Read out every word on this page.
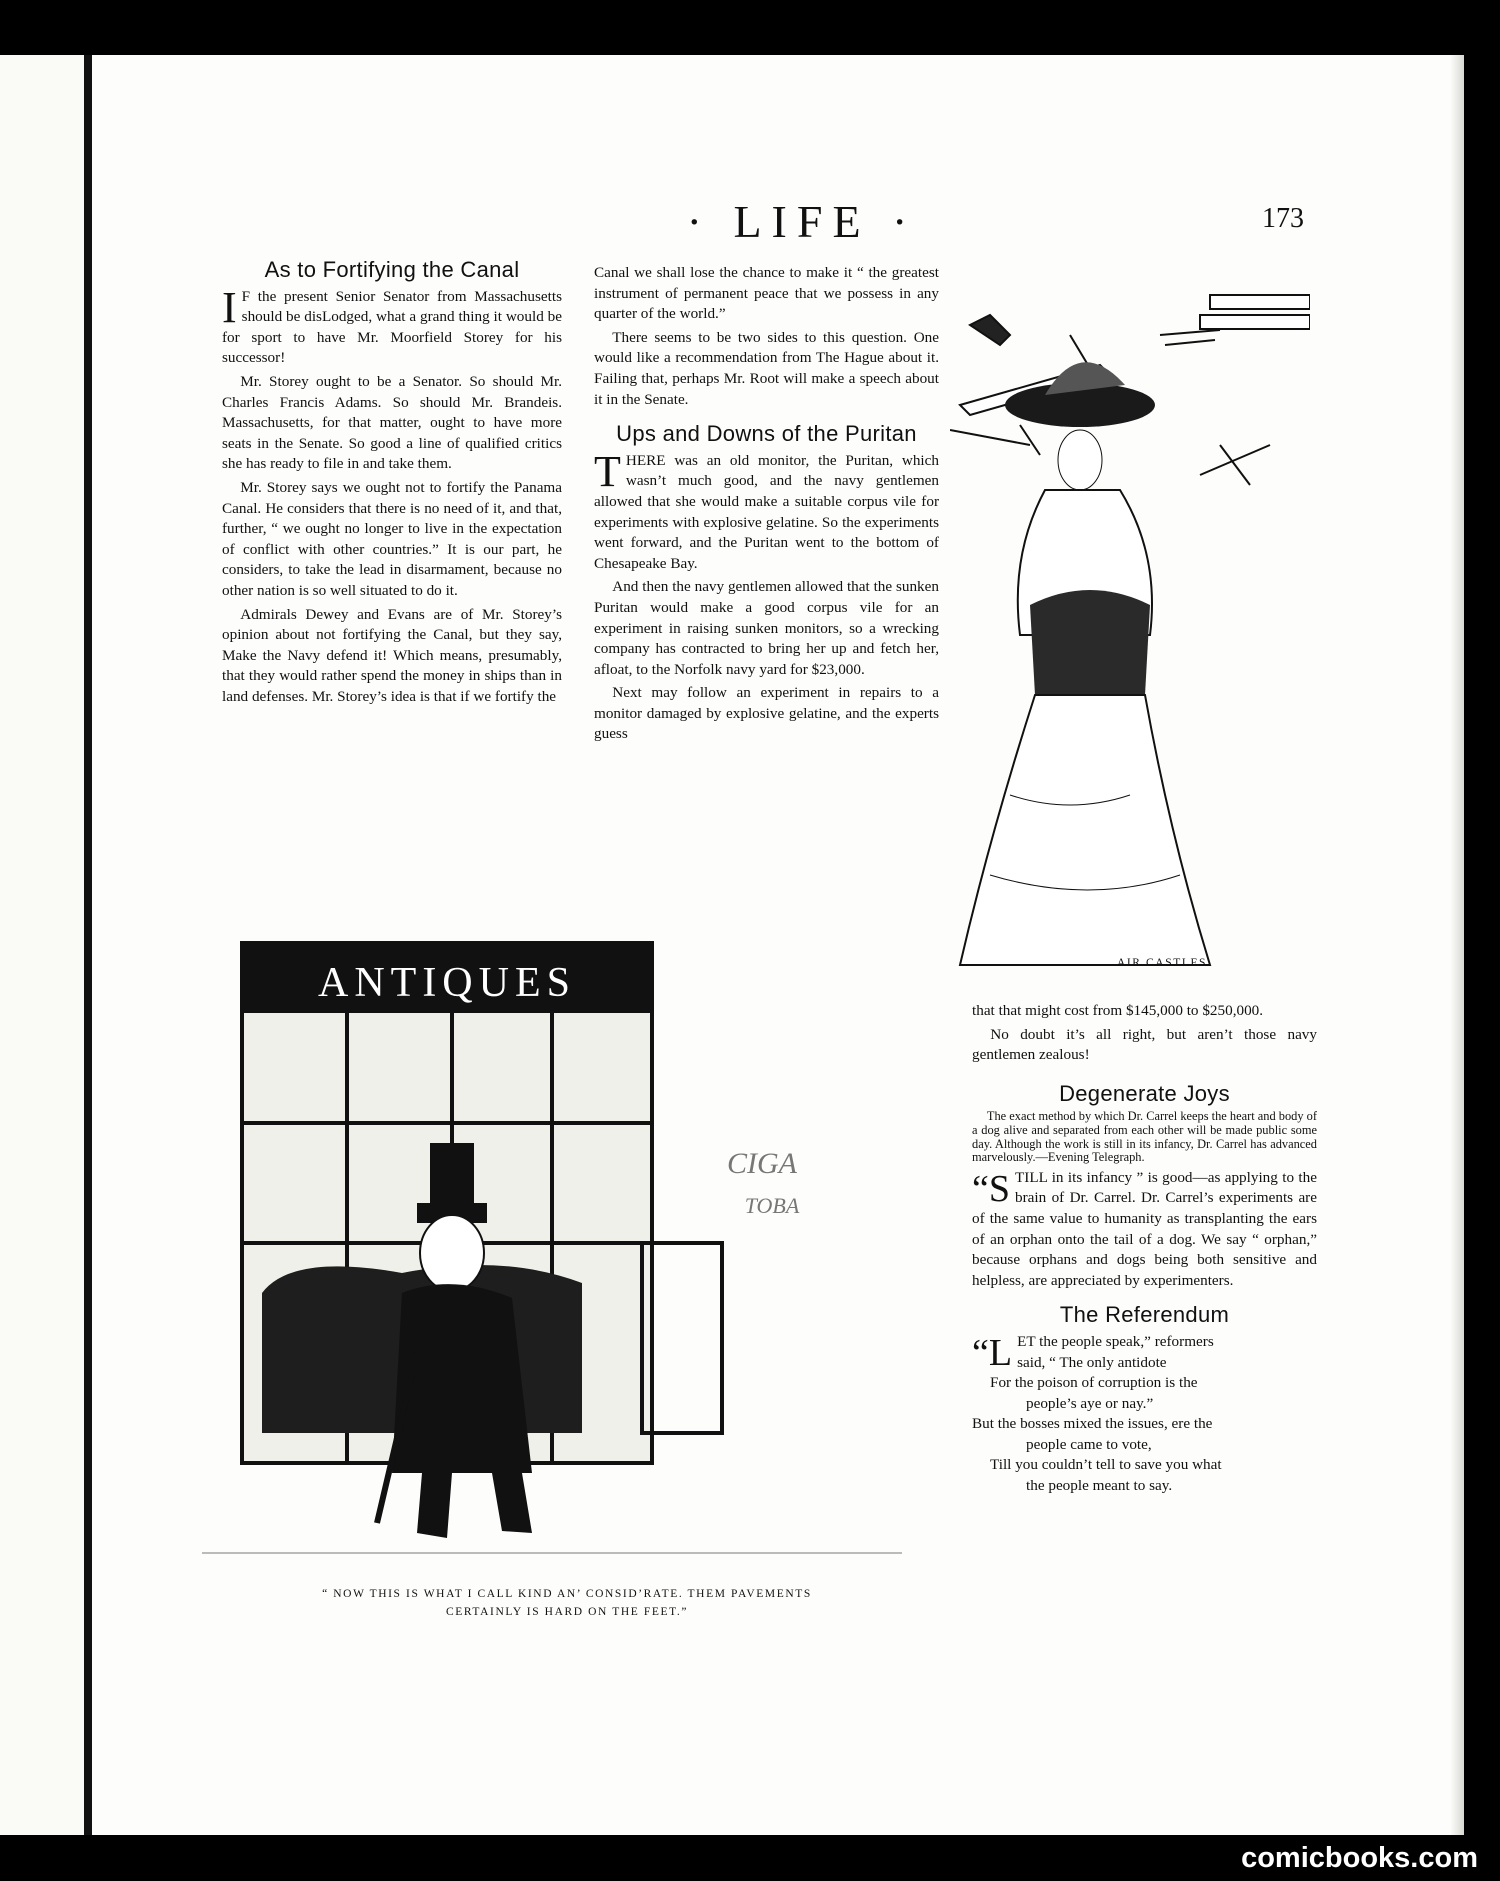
· LIFE ·	173
As to Fortifying the Canal

I F the present Senior Senator from Massachusetts should be disLodged, what a grand thing it would be for sport to have Mr. Moorfield Storey for his successor!

Mr. Storey ought to be a Senator. So should Mr. Charles Francis Adams. So should Mr. Brandeis. Massachusetts, for that matter, ought to have more seats in the Senate. So good a line of qualified critics she has ready to file in and take them.

Mr. Storey says we ought not to fortify the Panama Canal. He considers that there is no need of it, and that, further, “ we ought no longer to live in the expectation of conflict with other countries.” It is our part, he considers, to take the lead in disarmament, because no other nation is so well situated to do it.

Admirals Dewey and Evans are of Mr. Storey’s opinion about not fortifying the Canal, but they say, Make the Navy defend it! Which means, presumably, that they would rather spend the money in ships than in land defenses. Mr. Storey’s idea is that if we fortify the

Canal we shall lose the chance to make it “ the greatest instrument of permanent peace that we possess in any quarter of the world.”

There seems to be two sides to this question. One would like a recommendation from The Hague about it. Failing that, perhaps Mr. Root will make a speech about it in the Senate.

Ups and Downs of the Puritan

THERE was an old monitor, the Puritan, which wasn’t much good, and the navy gentlemen allowed that she would make a suitable corpus vile for experiments with explosive gelatine. So the experiments went forward, and the Puritan went to the bottom of Chesapeake Bay.

And then the navy gentlemen allowed that the sunken Puritan would make a good corpus vile for an experiment in raising sunken monitors, so a wrecking company has contracted to bring her up and fetch her, afloat, to the Norfolk navy yard for $23,000.

Next may follow an experiment in repairs to a monitor damaged by explosive gelatine, and the experts guess

AIR CASTLES
ANTIQUES
CIGA
TOBA
“ NOW THIS IS WHAT I CALL KIND AN’ CONSID’RATE. THEM PAVEMENTS
CERTAINLY IS HARD ON THE FEET.”

that that might cost from $145,000 to $250,000.

No doubt it’s all right, but aren’t those navy gentlemen zealous!

Degenerate Joys

The exact method by which Dr. Carrel keeps the heart and body of a dog alive and separated from each other will be made public some day. Although the work is still in its infancy, Dr. Carrel has advanced marvelously.—Evening Telegraph.

“STILL in its infancy ” is good—as applying to the brain of Dr. Carrel. Dr. Carrel’s experiments are of the same value to humanity as transplanting the ears of an orphan onto the tail of a dog. We say “ orphan,” because orphans and dogs being both sensitive and helpless, are appreciated by experimenters.

The Referendum
“LET the people speak,” reformers
said, “ The only antidote
For the poison of corruption is the
people’s aye or nay.”
But the bosses mixed the issues, ere the
people came to vote,
Till you couldn’t tell to save you what
the people meant to say.
comicbooks.com
